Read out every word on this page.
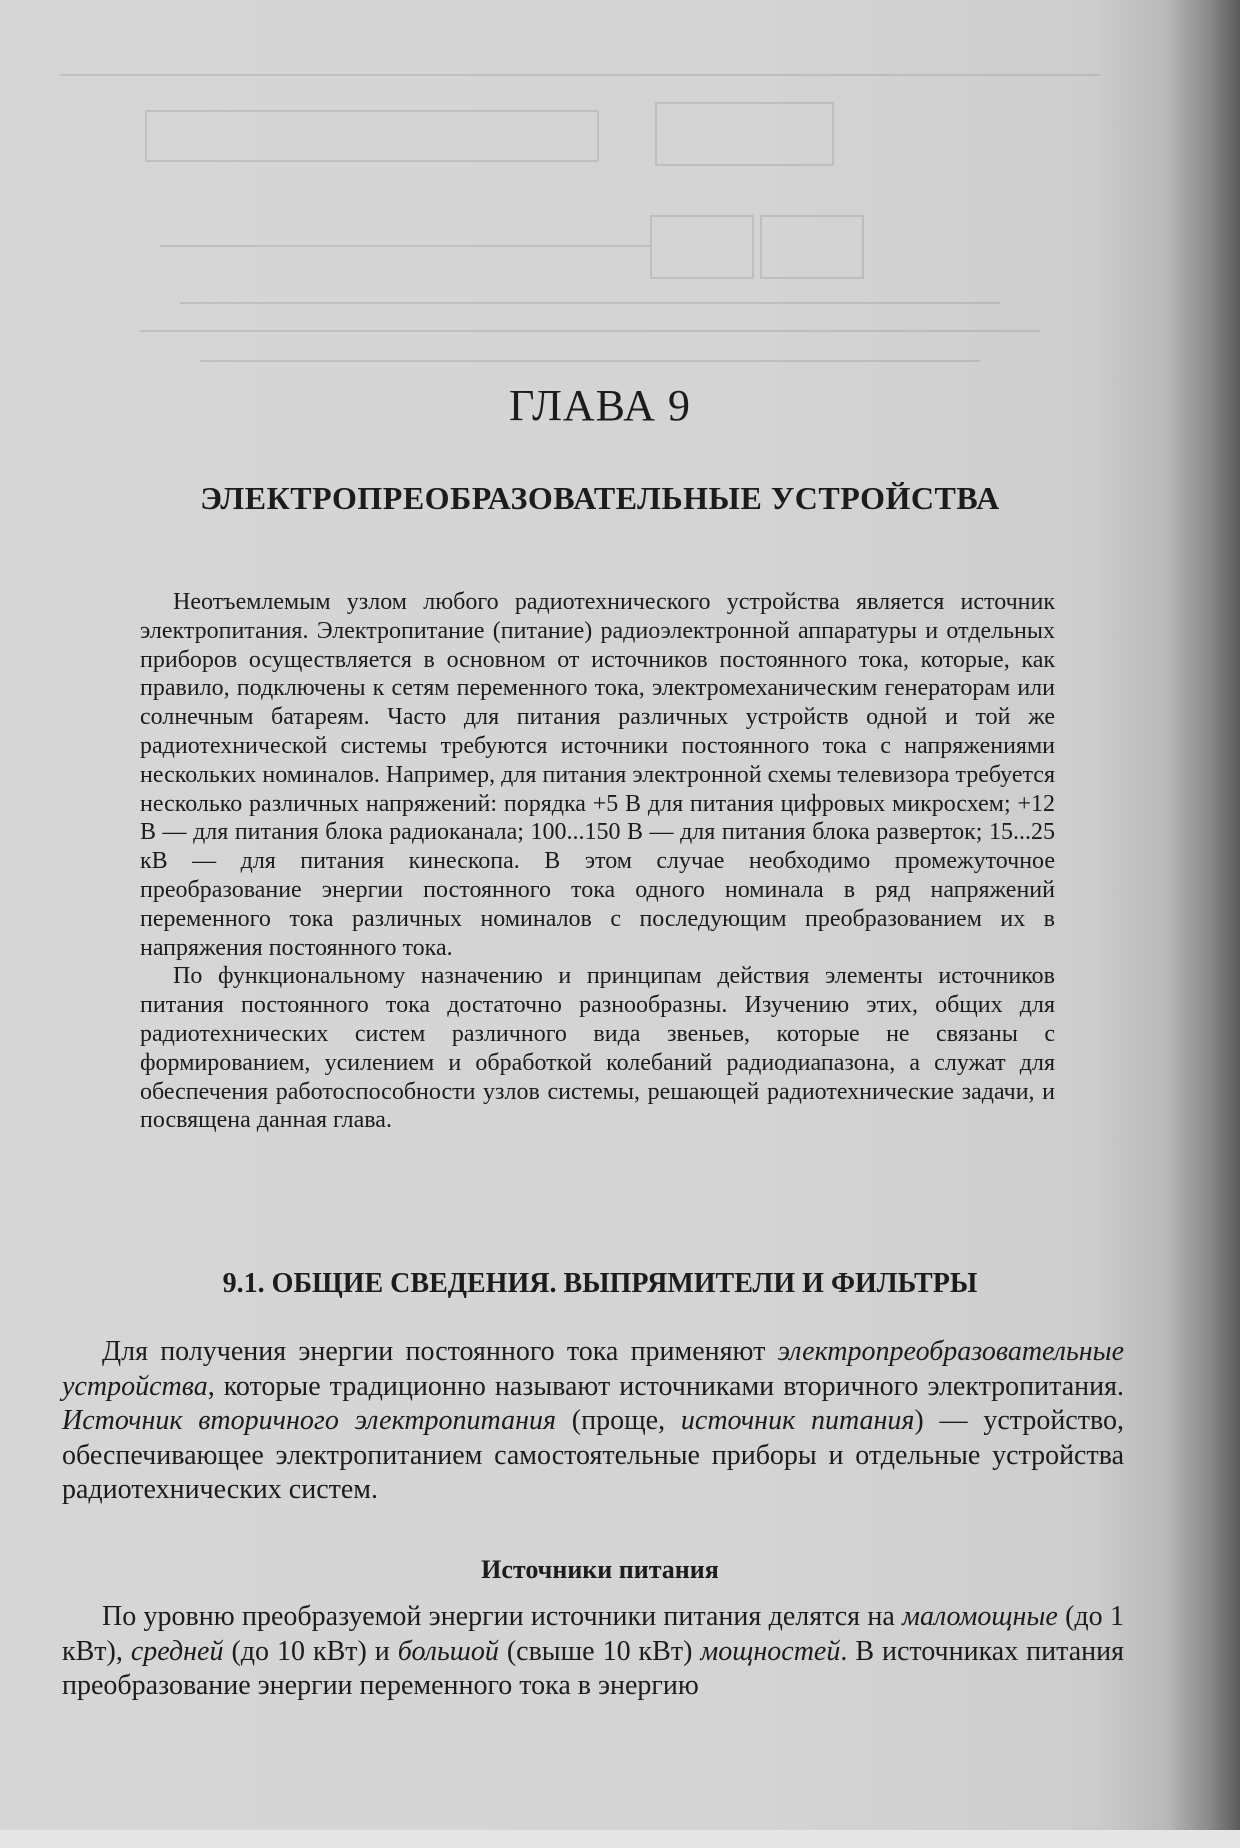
ГЛАВА 9
ЭЛЕКТРОПРЕОБРАЗОВАТЕЛЬНЫЕ УСТРОЙСТВА

Неотъемлемым узлом любого радиотехнического устройства является источник электропитания. Электропитание (питание) радиоэлектронной аппаратуры и отдельных приборов осуществляется в основном от источников постоянного тока, которые, как правило, подключены к сетям переменного тока, электромеханическим генераторам или солнечным батареям. Часто для питания различных устройств одной и той же радиотехнической системы требуются источники постоянного тока с напряжениями нескольких номиналов. Например, для питания электронной схемы телевизора требуется несколько различных напряжений: порядка +5 В для питания цифровых микросхем; +12 В — для питания блока радиоканала; 100...150 В — для питания блока разверток; 15...25 кВ — для питания кинескопа. В этом случае необходимо промежуточное преобразование энергии постоянного тока одного номинала в ряд напряжений переменного тока различных номиналов с последующим преобразованием их в напряжения постоянного тока.

По функциональному назначению и принципам действия элементы источников питания постоянного тока достаточно разнообразны. Изучению этих, общих для радиотехнических систем различного вида звеньев, которые не связаны с формированием, усилением и обработкой колебаний радиодиапазона, а служат для обеспечения работоспособности узлов системы, решающей радиотехнические задачи, и посвящена данная глава.

9.1. ОБЩИЕ СВЕДЕНИЯ. ВЫПРЯМИТЕЛИ И ФИЛЬТРЫ

Для получения энергии постоянного тока применяют электропреобразовательные устройства, которые традиционно называют источниками вторичного электропитания. Источник вторичного электропитания (проще, источник питания) — устройство, обеспечивающее электропитанием самостоятельные приборы и отдельные устройства радиотехнических систем.

Источники питания

По уровню преобразуемой энергии источники питания делятся на маломощные (до 1 кВт), средней (до 10 кВт) и большой (свыше 10 кВт) мощностей. В источниках питания преобразование энергии переменного тока в энергию
